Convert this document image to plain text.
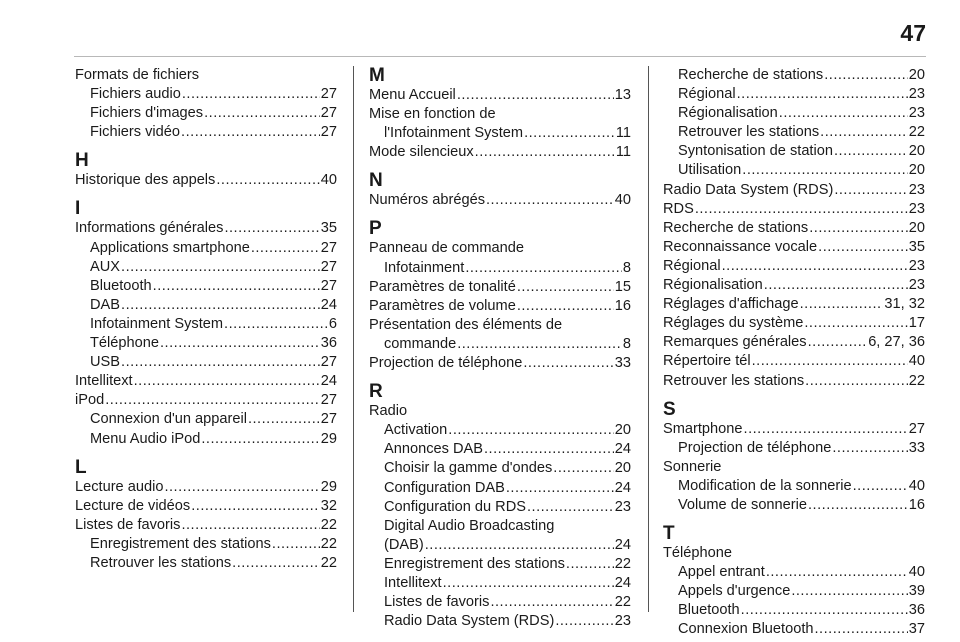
47
Formats de fichiers
Fichiers audio .....	27
Fichiers d'images .....	27
Fichiers vidéo .....	27
H
Historique des appels .....	40
I
Informations générales .....	35
Applications smartphone .....	27
AUX .....	27
Bluetooth .....	27
DAB .....	24
Infotainment System .....	6
Téléphone .....	36
USB .....	27
Intellitext .....	24
iPod .....	27
Connexion d'un appareil .....	27
Menu Audio iPod .....	29
L
Lecture audio .....	29
Lecture de vidéos .....	32
Listes de favoris .....	22
Enregistrement des stations .....	22
Retrouver les stations .....	22
M
Menu Accueil .....	13
Mise en fonction de
l'Infotainment System .....	11
Mode silencieux .....	11
N
Numéros abrégés .....	40
P
Panneau de commande
Infotainment .....	8
Paramètres de tonalité .....	15
Paramètres de volume .....	16
Présentation des éléments de
commande .....	8
Projection de téléphone .....	33
R
Radio
Activation .....	20
Annonces DAB .....	24
Choisir la gamme d'ondes .....	20
Configuration DAB .....	24
Configuration du RDS .....	23
Digital Audio Broadcasting
(DAB) .....	24
Enregistrement des stations .....	22
Intellitext .....	24
Listes de favoris .....	22
Radio Data System (RDS) .....	23
Recherche de stations .....	20
Régional .....	23
Régionalisation .....	23
Retrouver les stations .....	22
Syntonisation de station .....	20
Utilisation .....	20
Radio Data System (RDS) .....	23
RDS .....	23
Recherche de stations .....	20
Reconnaissance vocale .....	35
Régional .....	23
Régionalisation .....	23
Réglages d'affichage .....	31, 32
Réglages du système .....	17
Remarques générales .....	6, 27, 36
Répertoire tél .....	40
Retrouver les stations .....	22
S
Smartphone .....	27
Projection de téléphone .....	33
Sonnerie
Modification de la sonnerie .....	40
Volume de sonnerie .....	16
T
Téléphone
Appel entrant .....	40
Appels d'urgence .....	39
Bluetooth .....	36
Connexion Bluetooth .....	37
